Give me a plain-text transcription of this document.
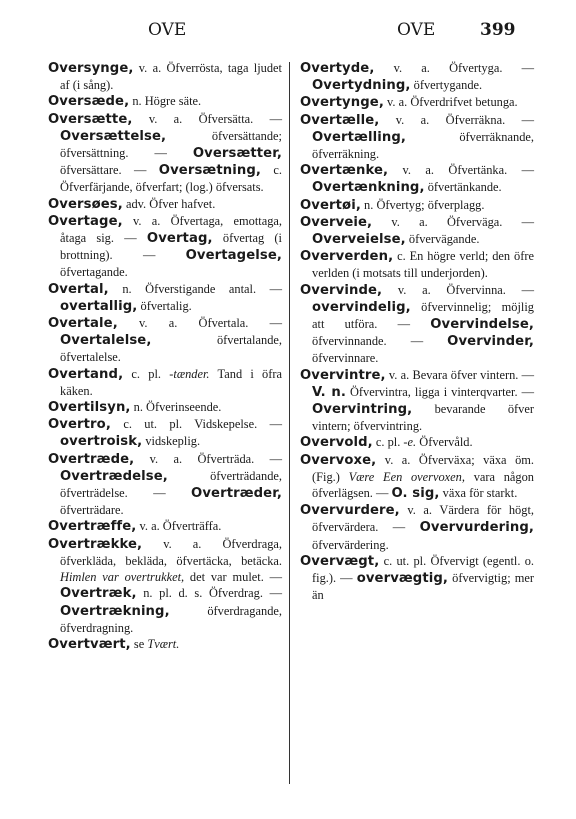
OVE	OVE	399

Oversynge, v. a. Öfverrösta, taga ljudet af (i sång).

Oversæde, n. Högre säte.

Oversætte, v. a. Öfversätta. — Oversættelse, öfversättande; öfversättning. — Oversætter, öfversättare. — Oversætning, c. Öfverfärjande, öfverfart; (log.) öfversats.

Oversøes, adv. Öfver hafvet.

Overtage, v. a. Öfvertaga, emottaga, åtaga sig. — Overtag, öfvertag (i brottning). — Overtagelse, öfvertagande.

Overtal, n. Öfverstigande antal. — overtallig, öfvertalig.

Overtale, v. a. Öfvertala. — Overtalelse, öfvertalande, öfvertalelse.

Overtand, c. pl. -tænder. Tand i öfra käken.

Overtilsyn, n. Öfverinseende.

Overtro, c. ut. pl. Vidskepelse. — overtroisk, vidskeplig.

Overtræde, v. a. Öfverträda. — Overtrædelse, öfverträdande, öfverträdelse. — Overtræder, öfverträdare.

Overtræffe, v. a. Öfverträffa.

Overtrække, v. a. Öfverdraga, öfverkläda, bekläda, öfvertäcka, betäcka. Himlen var overtrukket, det var mulet. — Overtræk, n. pl. d. s. Öfverdrag. — Overtrækning, öfverdragande, öfverdragning.

Overtvært, se Tvært.

Overtyde, v. a. Öfvertyga. — Overtydning, öfvertygande.

Overtynge, v. a. Öfverdrifvet betunga.

Overtælle, v. a. Öfverräkna. — Overtælling, öfverräknande, öfverräkning.

Overtænke, v. a. Öfvertänka. — Overtænkning, öfvertänkande.

Overtøi, n. Öfvertyg; öfverplagg.

Overveie, v. a. Öfverväga. — Overveielse, öfvervägande.

Oververden, c. En högre verld; den öfre verlden (i motsats till underjorden).

Overvinde, v. a. Öfvervinna. — overvindelig, öfvervinnelig; möjlig att utföra. — Overvindelse, öfvervinnande. — Overvinder, öfvervinnare.

Overvintre, v. a. Bevara öfver vintern. — V. n. Öfvervintra, ligga i vinterqvarter. — Overvintring, bevarande öfver vintern; öfvervintring.

Overvold, c. pl. -e. Öfvervåld.

Overvoxe, v. a. Öfverväxa; växa öm. (Fig.) Være Een overvoxen, vara någon öfverlägsen. — O. sig, växa för starkt.

Overvurdere, v. a. Värdera för högt, öfvervärdera. — Overvurdering, öfvervärdering.

Overvægt, c. ut. pl. Öfvervigt (egentl. o. fig.). — overvægtig, öfvervigtig; mer än
